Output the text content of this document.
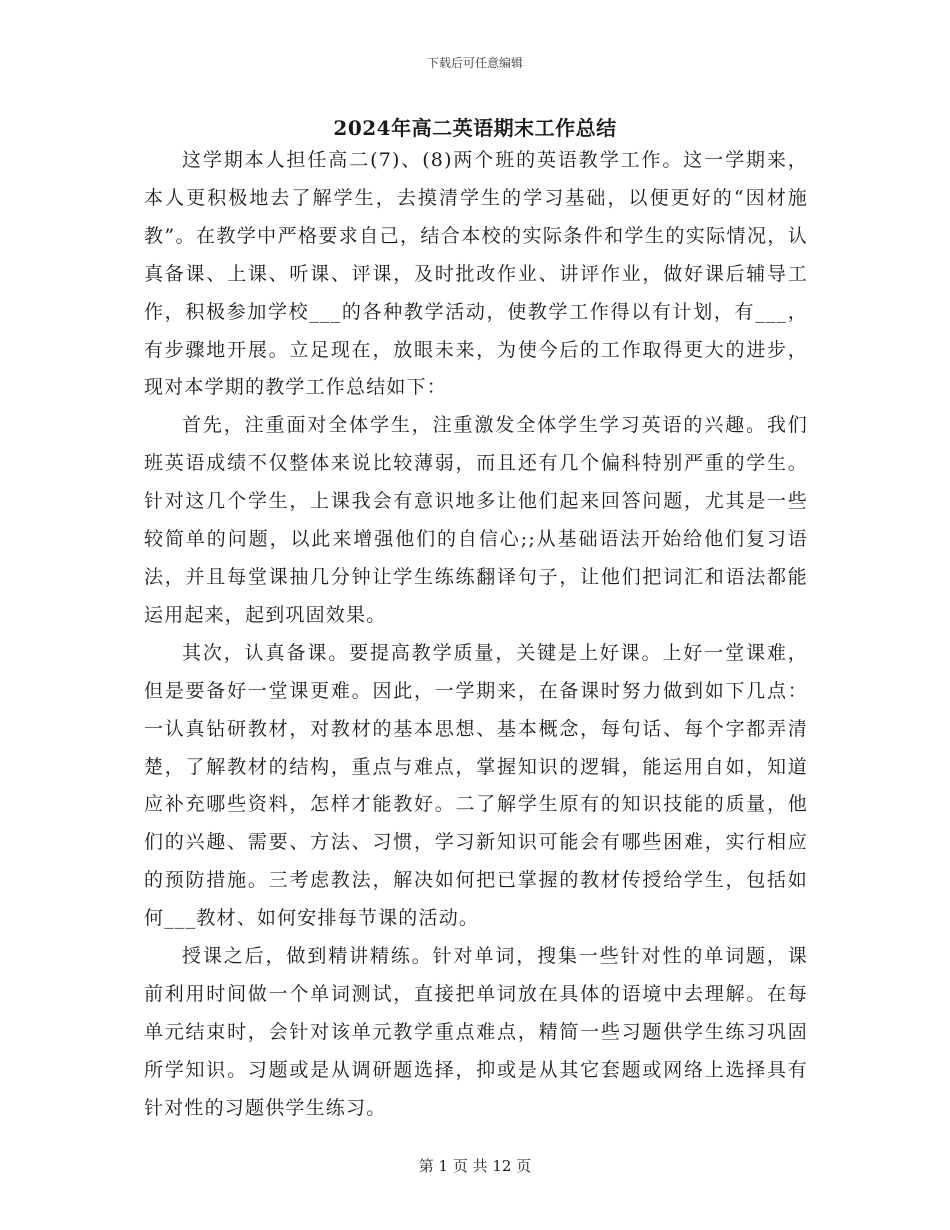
下载后可任意编辑
2024年高二英语期末工作总结

这学期本人担任高二(7)、(8)两个班的英语教学工作。这一学期来，本人更积极地去了解学生，去摸清学生的学习基础，以便更好的“因材施教”。在教学中严格要求自己，结合本校的实际条件和学生的实际情况，认真备课、上课、听课、评课，及时批改作业、讲评作业，做好课后辅导工作，积极参加学校___的各种教学活动，使教学工作得以有计划，有___，有步骤地开展。立足现在，放眼未来，为使今后的工作取得更大的进步，现对本学期的教学工作总结如下：

首先，注重面对全体学生，注重激发全体学生学习英语的兴趣。我们班英语成绩不仅整体来说比较薄弱，而且还有几个偏科特别严重的学生。针对这几个学生，上课我会有意识地多让他们起来回答问题，尤其是一些较简单的问题，以此来增强他们的自信心;;从基础语法开始给他们复习语法，并且每堂课抽几分钟让学生练练翻译句子，让他们把词汇和语法都能运用起来，起到巩固效果。

其次，认真备课。要提高教学质量，关键是上好课。上好一堂课难，但是要备好一堂课更难。因此，一学期来，在备课时努力做到如下几点：一认真钻研教材，对教材的基本思想、基本概念，每句话、每个字都弄清楚，了解教材的结构，重点与难点，掌握知识的逻辑，能运用自如，知道应补充哪些资料，怎样才能教好。二了解学生原有的知识技能的质量，他们的兴趣、需要、方法、习惯，学习新知识可能会有哪些困难，实行相应的预防措施。三考虑教法，解决如何把已掌握的教材传授给学生，包括如何___教材、如何安排每节课的活动。

授课之后，做到精讲精练。针对单词，搜集一些针对性的单词题，课前利用时间做一个单词测试，直接把单词放在具体的语境中去理解。在每单元结束时，会针对该单元教学重点难点，精简一些习题供学生练习巩固所学知识。习题或是从调研题选择，抑或是从其它套题或网络上选择具有针对性的习题供学生练习。

第 1 页 共 12 页
